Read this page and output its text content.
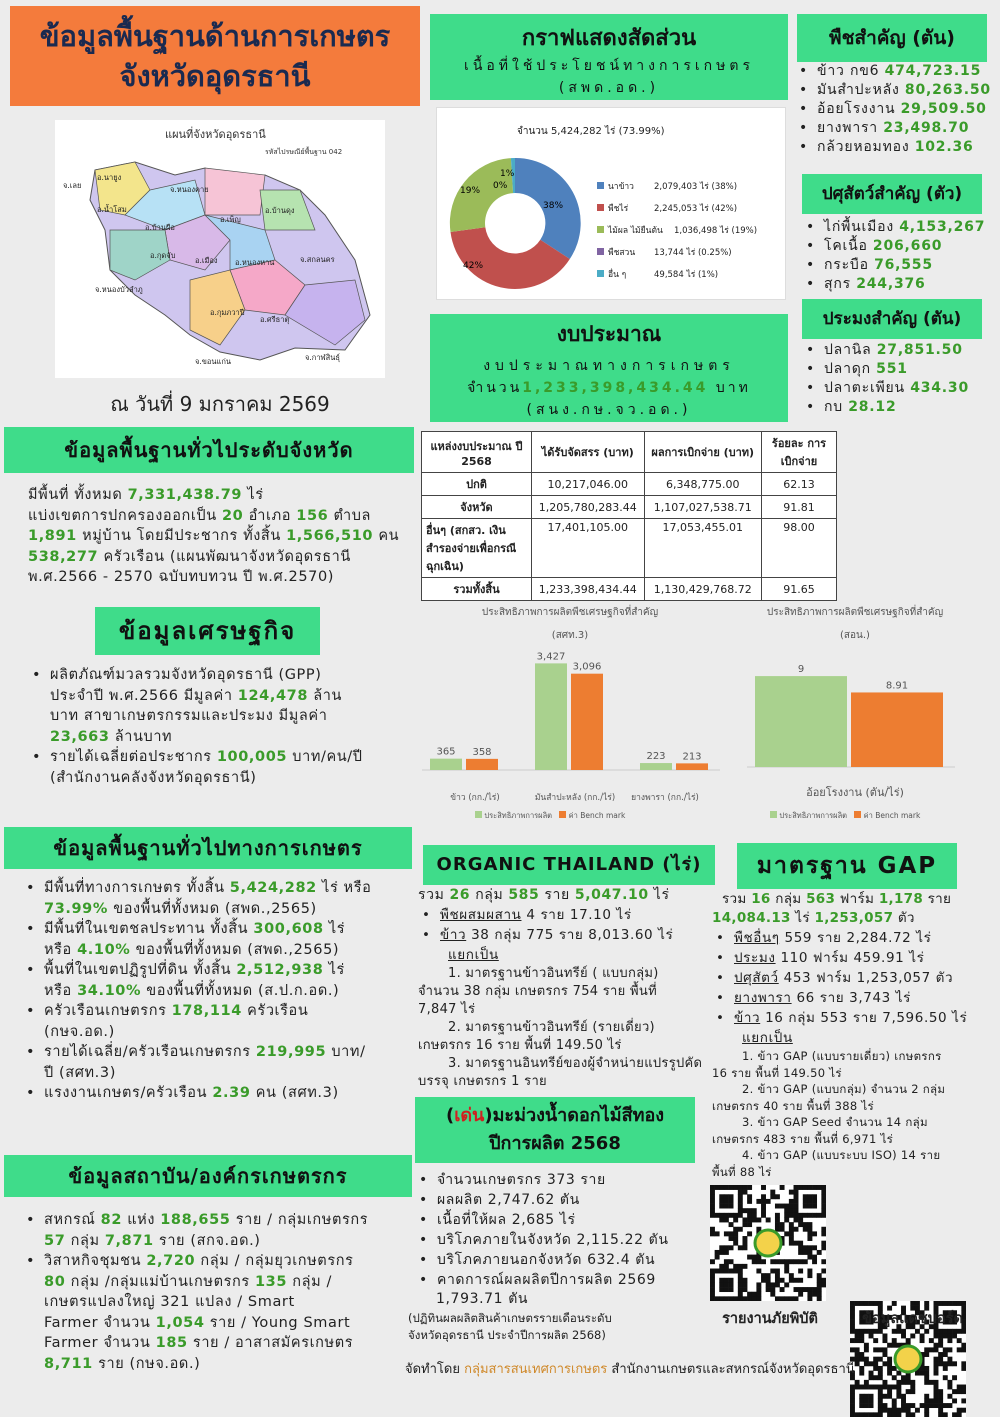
ข้อมูลพื้นฐานด้านการเกษตร
จังหวัดอุดรธานี
แผนที่จังหวัดอุดรธานี
รหัสไปรษณีย์พื้นฐาน 042
จ.เลย
อ.นายูง
จ.หนองคาย
อ.น้ำโสม
อ.บ้านผือ
อ.เพ็ญ
อ.บ้านดุง
อ.กุดจับ
อ.เมือง อ.หนองหาน	จ.สกลนคร
จ.หนองบัวลำภู
อ.กุมภวาปี
อ.ศรีธาตุ
จ.ขอนแก่น	จ.กาฬสินธุ์
ณ วันที่ 9 มกราคม 2569
ข้อมูลพื้นฐานทั่วไประดับจังหวัด

มีพื้นที่ ทั้งหมด 7,331,438.79 ไร่

แบ่งเขตการปกครองออกเป็น 20 อำเภอ 156 ตำบล

1,891 หมู่บ้าน โดยมีประชากร ทั้งสิ้น 1,566,510 คน

538,277 ครัวเรือน (แผนพัฒนาจังหวัดอุดรธานี

พ.ศ.2566 - 2570 ฉบับทบทวน ปี พ.ศ.2570)

ข้อมูลเศรษฐกิจ
• ผลิตภัณฑ์มวลรวมจังหวัดอุดรธานี (GPP)
ประจำปี พ.ศ.2566 มีมูลค่า 124,478 ล้าน
บาท สาขาเกษตรกรรมและประมง มีมูลค่า
23,663 ล้านบาท
• รายได้เฉลี่ยต่อประชากร 100,005 บาท/คน/ปี
(สำนักงานคลังจังหวัดอุดรธานี)
ข้อมูลพื้นฐานทั่วไปทางการเกษตร
• มีพื้นที่ทางการเกษตร ทั้งสิ้น 5,424,282 ไร่ หรือ
73.99% ของพื้นที่ทั้งหมด (สพด.,2565)
• มีพื้นที่ในเขตชลประทาน ทั้งสิ้น 300,608 ไร่
หรือ 4.10% ของพื้นที่ทั้งหมด (สพด.,2565)
• พื้นที่ในเขตปฏิรูปที่ดิน ทั้งสิ้น 2,512,938 ไร่
หรือ 34.10% ของพื้นที่ทั้งหมด (ส.ป.ก.อด.)
• ครัวเรือนเกษตรกร 178,114 ครัวเรือน
(กษจ.อด.)
• รายได้เฉลี่ย/ครัวเรือนเกษตรกร 219,995 บาท/
ปี (สศท.3)
• แรงงานเกษตร/ครัวเรือน 2.39 คน (สศท.3)
ข้อมูลสถาบัน/องค์กรเกษตรกร
• สหกรณ์ 82 แห่ง 188,655 ราย / กลุ่มเกษตรกร
57 กลุ่ม 7,871 ราย (สกจ.อด.)
• วิสาหกิจชุมชน 2,720 กลุ่ม / กลุ่มยุวเกษตรกร
80 กลุ่ม /กลุ่มแม่บ้านเกษตรกร 135 กลุ่ม /
เกษตรแปลงใหญ่ 321 แปลง / Smart
Farmer จำนวน 1,054 ราย / Young Smart
Farmer จำนวน 185 ราย / อาสาสมัครเกษตร
8,711 ราย (กษจ.อด.)
กราฟแสดงสัดส่วน
เนื้อที่ใช้ประโยชน์ทางการเกษตร
(สพด.อด.)
จำนวน 5,424,282 ไร่ (73.99%)
38%
42%
19% 0%
1%
นาข้าว 2,079,403 ไร่ (38%)
พืชไร่	2,245,053 ไร่ (42%)
ไม้ผล ไม้ยืนต้น 1,036,498 ไร่ (19%)
พืชสวน 13,744 ไร่ (0.25%)
อื่น ๆ	49,584 ไร่ (1%)
งบประมาณ
งบประมาณทางการเกษตร
จำนวน1,233,398,434.44 บาท
(สนง.กษ.จว.อด.)
แหล่งงบประมาณ ปี 2568	ได้รับจัดสรร (บาท)	ผลการเบิกจ่าย (บาท)	ร้อยละ การเบิกจ่าย
ปกติ	10,217,046.00	6,348,775.00	62.13
จังหวัด	1,205,780,283.44	1,107,027,538.71	91.81
อื่นๆ (สกสว. เงินสำรองจ่ายเพื่อกรณีฉุกเฉิน)	17,401,105.00	17,053,455.01	98.00
รวมทั้งสิ้น	1,233,398,434.44	1,130,429,768.72	91.65
พืชสำคัญ (ตัน)
• ข้าว กข6 474,723.15
• มันสำปะหลัง 80,263.50
• อ้อยโรงงาน 29,509.50
• ยางพารา 23,498.70
• กล้วยหอมทอง 102.36
ปศุสัตว์สำคัญ (ตัว)
• ไก่พื้นเมือง 4,153,267
• โคเนื้อ 206,660
• กระบือ 76,555
• สุกร 244,376
ประมงสำคัญ (ตัน)
• ปลานิล 27,851.50
• ปลาดุก 551
• ปลาตะเพียน 434.30
• กบ 28.12
ประสิทธิภาพการผลิตพืชเศรษฐกิจที่สำคัญ
(สศท.3)
365 358
3,427
3,096
223 213
ข้าว (กก./ไร่)	มันสำปะหลัง (กก./ไร่)	ยางพารา (กก./ไร่)
ประสิทธิภาพการผลิต ค่า Bench mark
ประสิทธิภาพการผลิตพืชเศรษฐกิจที่สำคัญ
(สอน.)
9
8.91
อ้อยโรงงาน (ตัน/ไร่)
ประสิทธิภาพการผลิต ค่า Bench mark
ORGANIC THAILAND (ไร่)
รวม 26 กลุ่ม 585 ราย 5,047.10 ไร่
• พืชผสมผสาน 4 ราย 17.10 ไร่
• ข้าว 38 กลุ่ม 775 ราย 8,013.60 ไร่
แยกเป็น
1. มาตรฐานข้าวอินทรีย์ ( แบบกลุ่ม)
จำนวน 38 กลุ่ม เกษตรกร 754 ราย พื้นที่
7,847 ไร่
2. มาตรฐานข้าวอินทรีย์ (รายเดี่ยว)
เกษตรกร 16 ราย พื้นที่ 149.50 ไร่
3. มาตรฐานอินทรีย์ของผู้จำหน่ายแปรรูปคัด
บรรจุ เกษตรกร 1 ราย
มาตรฐาน GAP
รวม 16 กลุ่ม 563 ฟาร์ม 1,178 ราย
14,084.13 ไร่ 1,253,057 ตัว
• พืชอื่นๆ 559 ราย 2,284.72 ไร่
• ประมง 110 ฟาร์ม 459.91 ไร่
• ปศุสัตว์ 453 ฟาร์ม 1,253,057 ตัว
• ยางพารา 66 ราย 3,743 ไร่
• ข้าว 16 กลุ่ม 553 ราย 7,596.50 ไร่
แยกเป็น
1. ข้าว GAP (แบบรายเดี่ยว) เกษตรกร
16 ราย พื้นที่ 149.50 ไร่
2. ข้าว GAP (แบบกลุ่ม) จำนวน 2 กลุ่ม
เกษตรกร 40 ราย พื้นที่ 388 ไร่
3. ข้าว GAP Seed จำนวน 14 กลุ่ม
เกษตรกร 483 ราย พื้นที่ 6,971 ไร่
4. ข้าว GAP (แบบระบบ ISO) 14 ราย
พื้นที่ 88 ไร่
(เด่น)มะม่วงน้ำดอกไม้สีทอง
ปีการผลิต 2568
• จำนวนเกษตรกร 373 ราย
• ผลผลิต 2,747.62 ตัน
• เนื้อที่ให้ผล 2,685 ไร่
• บริโภคภายในจังหวัด 2,115.22 ตัน
• บริโภคภายนอกจังหวัด 632.4 ตัน
• คาดการณ์ผลผลิตปีการผลิต 2569
1,793.71 ตัน
(ปฏิทินผลผลิตสินค้าเกษตรรายเดือนระดับ
จังหวัดอุดรธานี ประจำปีการผลิต 2568)
รายงานภัยพิบัติ	ข้อมูลแดชบอร์ด
จัดทำโดย กลุ่มสารสนเทศการเกษตร สำนักงานเกษตรและสหกรณ์จังหวัดอุดรธานี
